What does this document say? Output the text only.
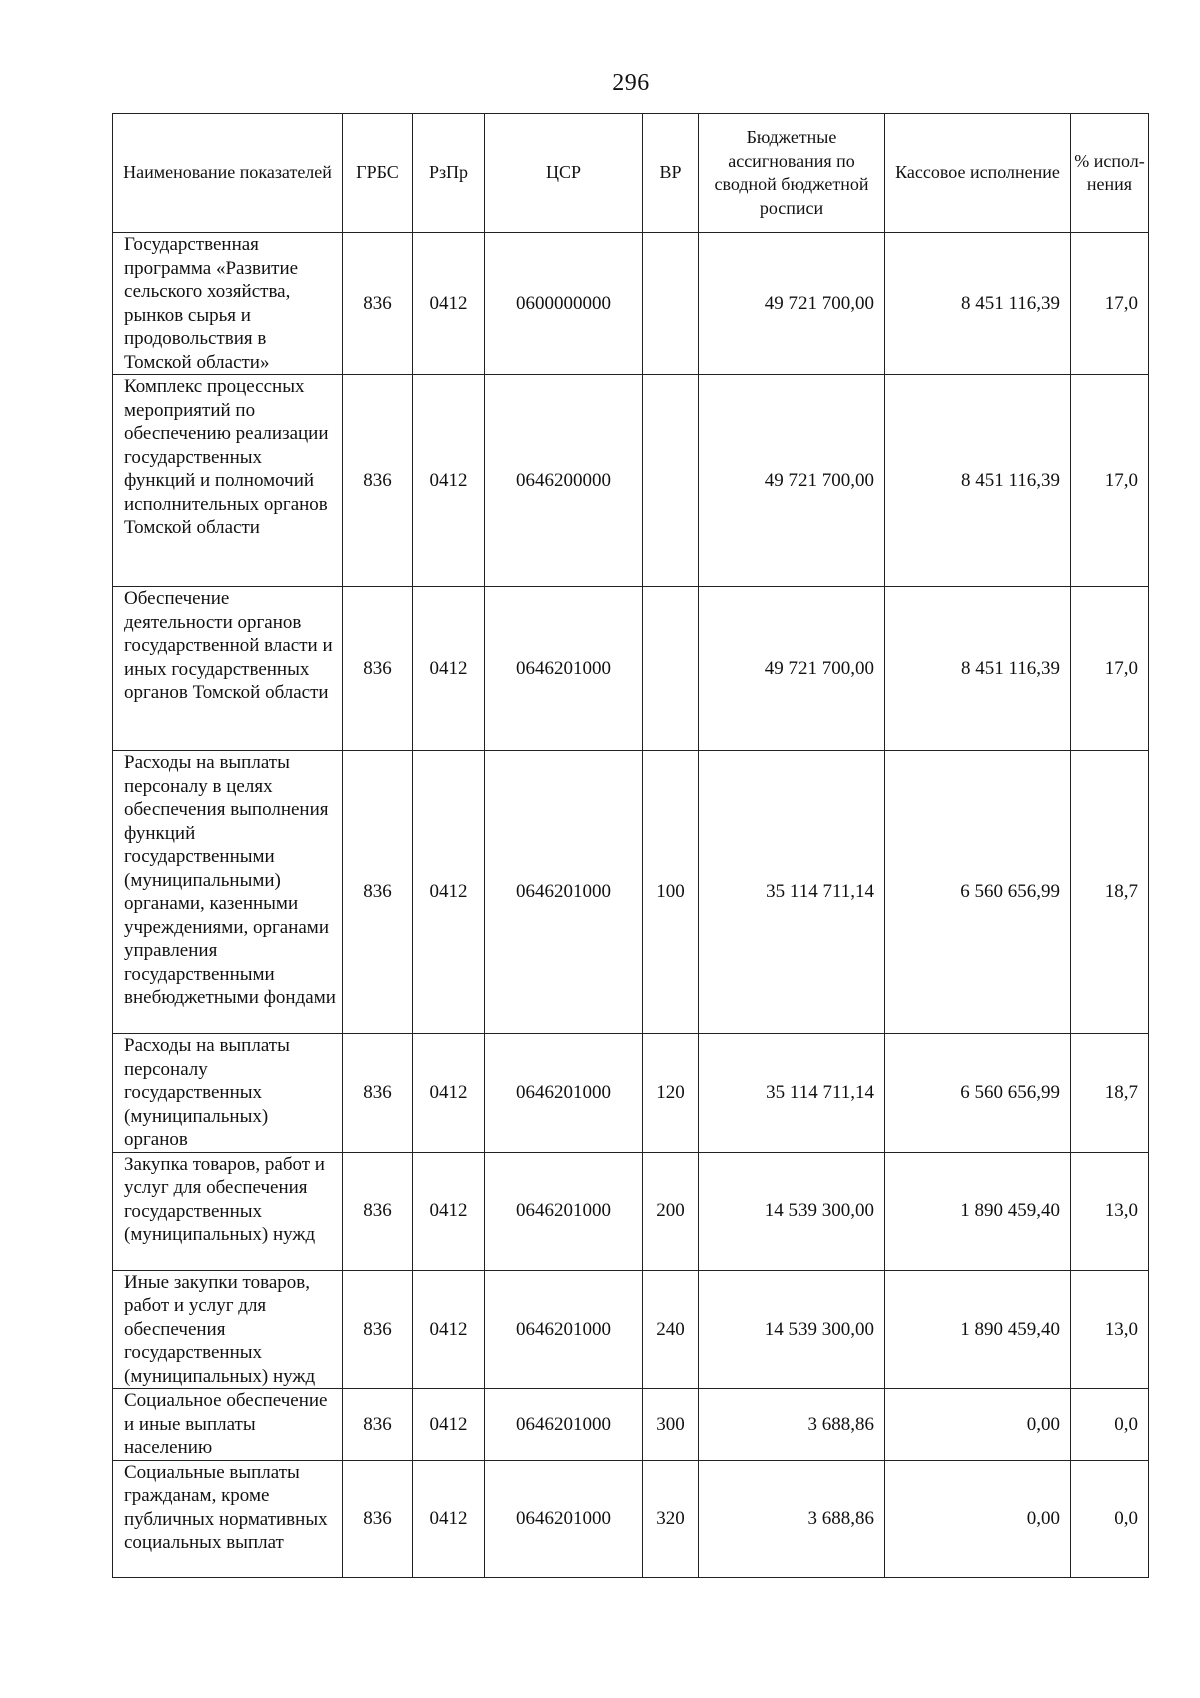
296
Наименование показателей	ГРБС	РзПр	ЦСР	ВР	Бюджетные ассигнования по сводной бюджетной росписи	Кассовое исполнение	% испол-нения
Государственная программа «Развитие сельского хозяйства, рынков сырья и продовольствия в Томской области»	836	0412	0600000000		49 721 700,00	8 451 116,39	17,0
Комплекс процессных мероприятий по обеспечению реализации государственных функций и полномочий исполнительных органов Томской области	836	0412	0646200000		49 721 700,00	8 451 116,39	17,0
Обеспечение деятельности органов государственной власти и иных государственных органов Томской области	836	0412	0646201000		49 721 700,00	8 451 116,39	17,0
Расходы на выплаты персоналу в целях обеспечения выполнения функций государственными (муниципальными) органами, казенными учреждениями, органами управления государственными внебюджетными фондами	836	0412	0646201000	100	35 114 711,14	6 560 656,99	18,7
Расходы на выплаты персоналу государственных (муниципальных) органов	836	0412	0646201000	120	35 114 711,14	6 560 656,99	18,7
Закупка товаров, работ и услуг для обеспечения государственных (муниципальных) нужд	836	0412	0646201000	200	14 539 300,00	1 890 459,40	13,0
Иные закупки товаров, работ и услуг для обеспечения государственных (муниципальных) нужд	836	0412	0646201000	240	14 539 300,00	1 890 459,40	13,0
Социальное обеспечение и иные выплаты населению	836	0412	0646201000	300	3 688,86	0,00	0,0
Социальные выплаты гражданам, кроме публичных нормативных социальных выплат	836	0412	0646201000	320	3 688,86	0,00	0,0
